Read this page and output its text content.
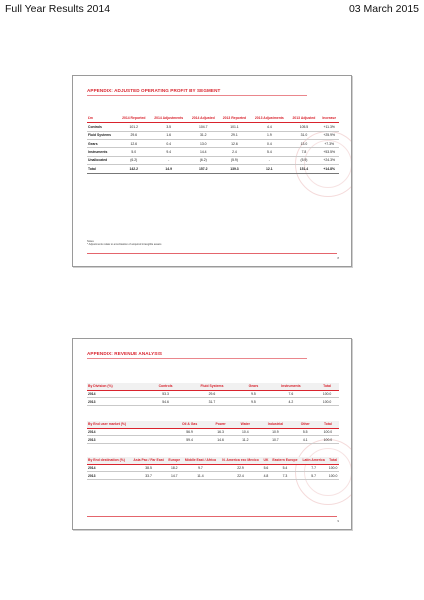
Full Year Results 2014	03 March 2015
APPENDIX: ADJUSTED OPERATING PROFIT BY SEGMENT
£m	2014 Reported	2014 Adjustments	2014 Adjusted	2013 Reported	2013 Adjustments	2013 Adjusted	Increase
Controls	101.2	3.5	104.7	101.1	4.4	105.5	+11.3%
Fluid Systems	29.6	1.6	31.2	29.1	1.9	31.0	+25.9%
Gears	12.6	0.4	13.0	12.6	0.4	13.0	+7.3%
Instruments	5.0	9.4	14.4	2.4	5.4	7.8	+53.5%
Unallocated	(6.2)	-	(6.2)	(5.9)	-	(5.9)	+24.3%
Total	142.2	14.9	157.2	139.3	12.1	151.4	+14.8%
Notes
* Adjustments relate to amortisation of acquired intangible assets
8
APPENDIX: REVENUE ANALYSIS
By Division (%)	Controls	Fluid Systems	Gears	Instruments	Total
2014	53.3	29.6	9.5	7.6	100.0
2013	54.6	31.7	9.5	4.2	100.0
By End user market (%)	Oil & Gas	Power	Water	Industrial	Other	Total
2014	56.9	16.3	10.4	10.9	5.5	100.0
2013	59.4	14.6	11.2	10.7	4.1	100.0
By End destination (%)	Asia Pac / Far East	Europe	Middle East / Africa	N. America exc Mexico	UK	Eastern Europe	Latin America	Total
2014	38.5	18.2	9.7	22.9	5.6	5.4	7.7	100.0
2013	33.7	14.7	11.4	22.4	4.8	7.3	5.7	100.0
9
